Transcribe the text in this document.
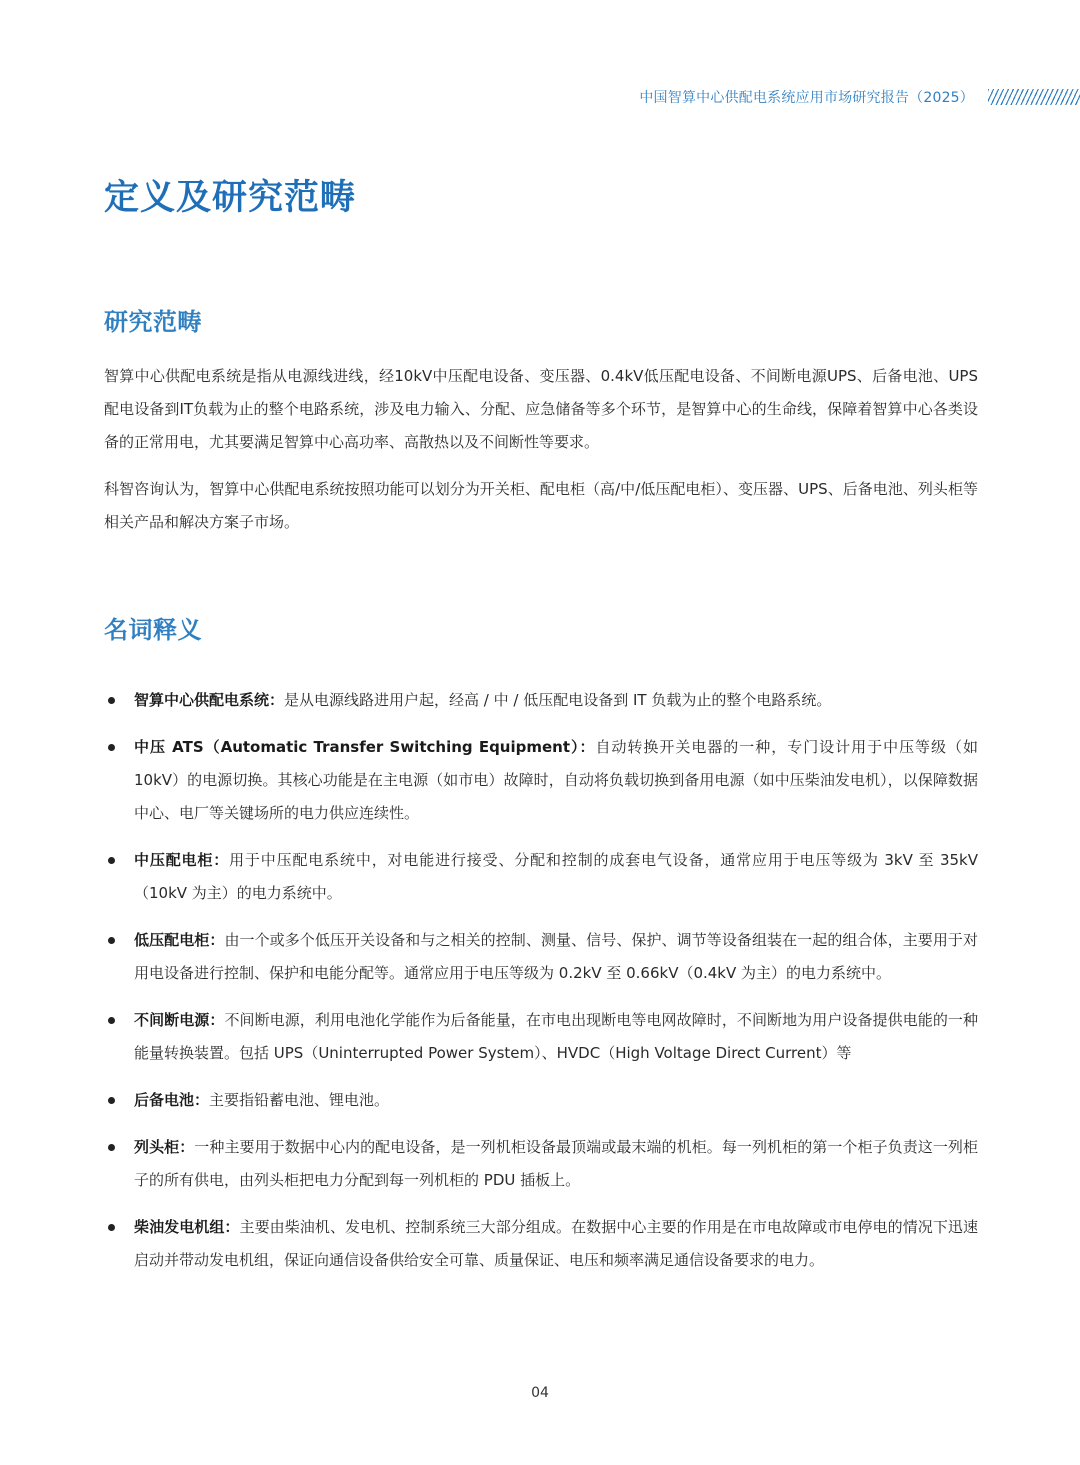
中国智算中心供配电系统应用市场研究报告（2025）
定义及研究范畴
研究范畴

智算中心供配电系统是指从电源线进线，经10kV中压配电设备、变压器、0.4kV低压配电设备、不间断电源UPS、后备电池、UPS配电设备到IT负载为止的整个电路系统，涉及电力输入、分配、应急储备等多个环节，是智算中心的生命线，保障着智算中心各类设备的正常用电，尤其要满足智算中心高功率、高散热以及不间断性等要求。

科智咨询认为，智算中心供配电系统按照功能可以划分为开关柜、配电柜（高/中/低压配电柜）、变压器、UPS、后备电池、列头柜等相关产品和解决方案子市场。

名词释义
智算中心供配电系统：是从电源线路进用户起，经高 / 中 / 低压配电设备到 IT 负载为止的整个电路系统。
中压 ATS（Automatic Transfer Switching Equipment）：自动转换开关电器的一种，专门设计用于中压等级（如10kV）的电源切换。其核心功能是在主电源（如市电）故障时，自动将负载切换到备用电源（如中压柴油发电机），以保障数据中心、电厂等关键场所的电力供应连续性。
中压配电柜：用于中压配电系统中，对电能进行接受、分配和控制的成套电气设备，通常应用于电压等级为 3kV 至 35kV（10kV 为主）的电力系统中。
低压配电柜：由一个或多个低压开关设备和与之相关的控制、测量、信号、保护、调节等设备组装在一起的组合体，主要用于对用电设备进行控制、保护和电能分配等。通常应用于电压等级为 0.2kV 至 0.66kV（0.4kV 为主）的电力系统中。
不间断电源：不间断电源，利用电池化学能作为后备能量，在市电出现断电等电网故障时，不间断地为用户设备提供电能的一种能量转换装置。包括 UPS（Uninterrupted Power System）、HVDC（High Voltage Direct Current）等
后备电池：主要指铅蓄电池、锂电池。
列头柜：一种主要用于数据中心内的配电设备，是一列机柜设备最顶端或最末端的机柜。每一列机柜的第一个柜子负责这一列柜子的所有供电，由列头柜把电力分配到每一列机柜的 PDU 插板上。
柴油发电机组：主要由柴油机、发电机、控制系统三大部分组成。在数据中心主要的作用是在市电故障或市电停电的情况下迅速启动并带动发电机组，保证向通信设备供给安全可靠、质量保证、电压和频率满足通信设备要求的电力。
04
